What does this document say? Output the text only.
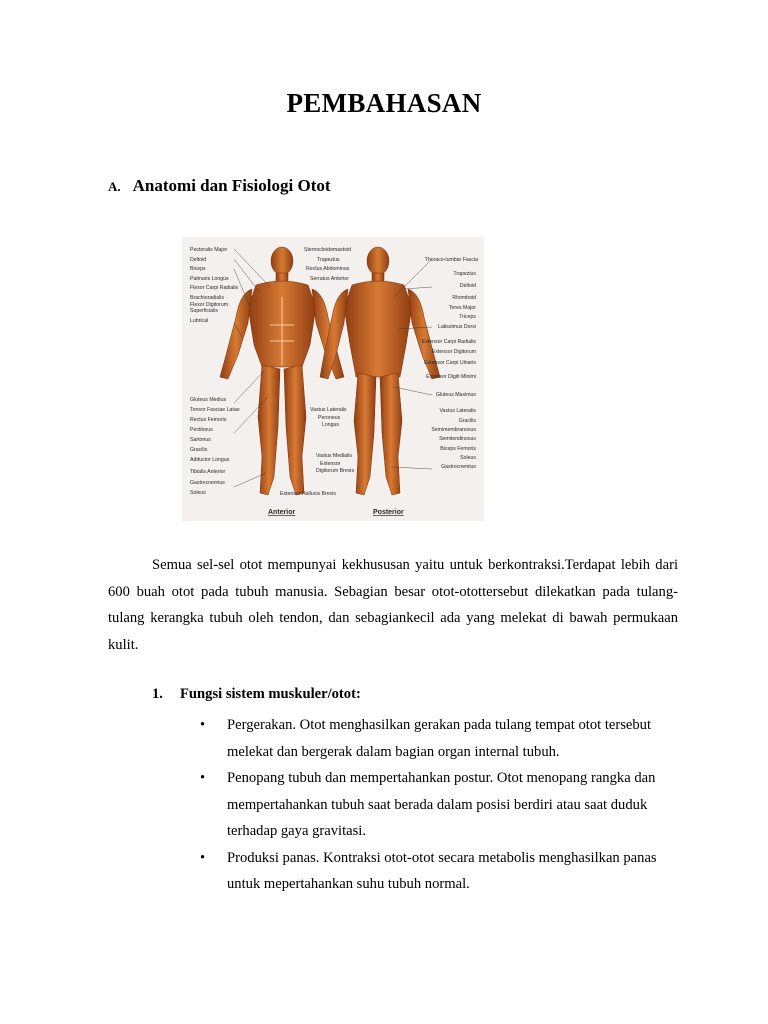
PEMBAHASAN
A. Anatomi dan Fisiologi Otot
Pectoralis Major
Deltoid
Biceps
Palmaris Longus
Flexor Carpi Radialis
Brachioradialis
Flexor Digitorum
Superficialis
Lubrical
Gluteus Medius
Tensor Fasciae Latae
Rectus Femoris
Pectineus
Sartorius
Gracilis
Adductor Longus
Tibialis Anterior
Gastrocnemius
Soleus
Sternocleidomastoid
Trapezius
Rectus Abdominus
Serratus Anterior
Vastus Lateralis
Peroneus
Longus
Vastus Medialis
Extensor
Digitorum Brevis
Extensor Hallucis Brevis
Thoraco-lumbar Fascia
Trapezius
Deltoid
Rhomboid
Teres Major
Triceps
Latissimus Dorsi
Extensor Carpi Radialis
Extensor Digitorum
Extensor Carpi Ulnaris
Extensor Digiti Minimi
Gluteus Maximus
Vastus Lateralis
Gracilis
Semimembranosus
Semitendinosus
Biceps Femoris
Soleus
Gastrocnemius
Anterior	Posterior

Semua sel-sel otot mempunyai kekhususan yaitu untuk berkontraksi.Terdapat lebih dari 600 buah otot pada tubuh manusia. Sebagian besar otot-otottersebut dilekatkan pada tulang-tulang kerangka tubuh oleh tendon, dan sebagiankecil ada yang melekat di bawah permukaan kulit.

1. Fungsi sistem muskuler/otot:
• Pergerakan. Otot menghasilkan gerakan pada tulang tempat otot tersebut melekat dan bergerak dalam bagian organ internal tubuh.
• Penopang tubuh dan mempertahankan postur. Otot menopang rangka dan mempertahankan tubuh saat berada dalam posisi berdiri atau saat duduk terhadap gaya gravitasi.
• Produksi panas. Kontraksi otot-otot secara metabolis menghasilkan panas untuk mepertahankan suhu tubuh normal.
